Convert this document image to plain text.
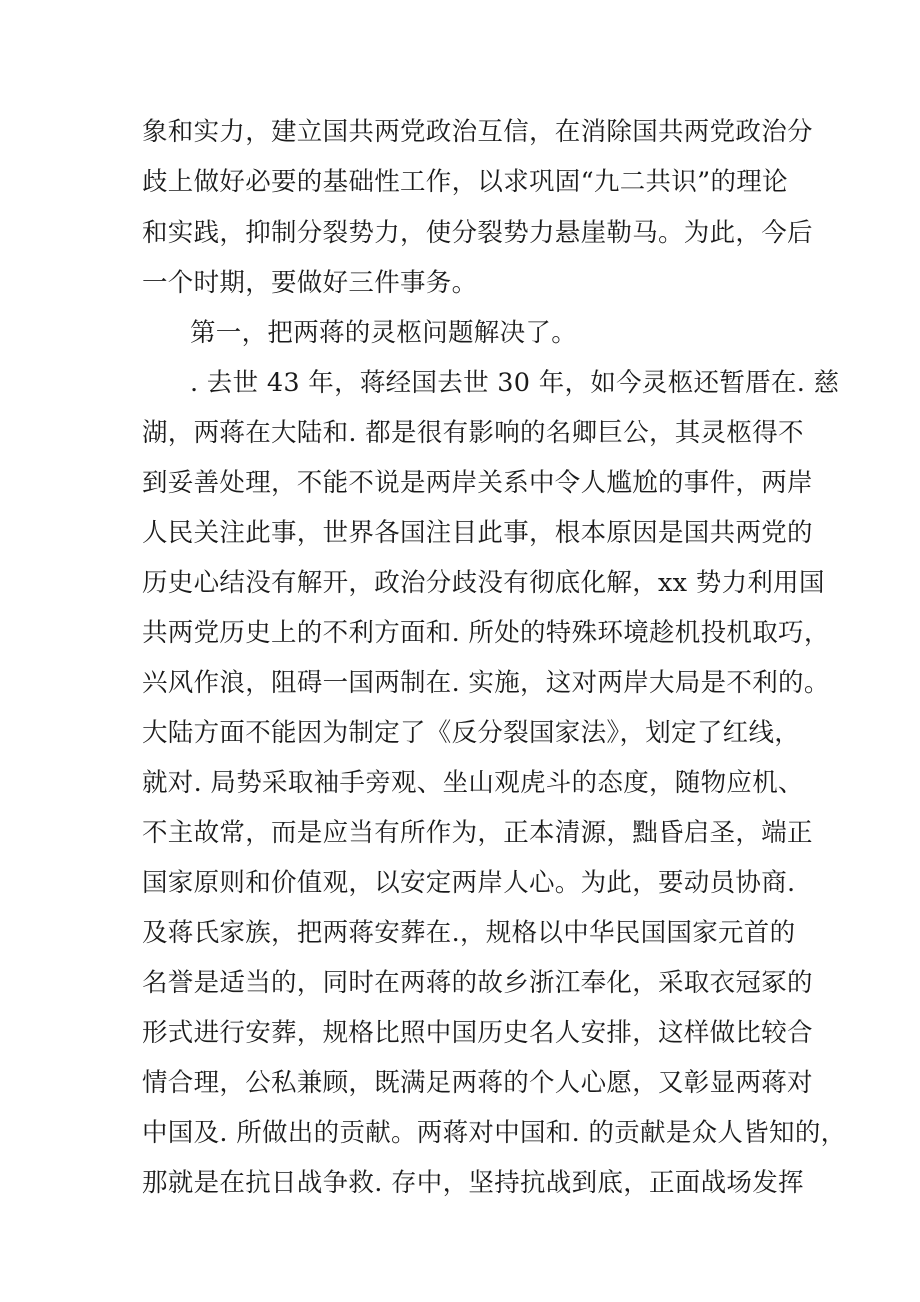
象和实力，建立国共两党政治互信，在消除国共两党政治分
歧上做好必要的基础性工作，以求巩固“九二共识”的理论
和实践，抑制分裂势力，使分裂势力悬崖勒马。为此，今后
一个时期，要做好三件事务。
第一，把两蒋的灵柩问题解决了。
. 去世 43 年，蒋经国去世 30 年，如今灵柩还暂厝在. 慈
湖，两蒋在大陆和. 都是很有影响的名卿巨公，其灵柩得不
到妥善处理，不能不说是两岸关系中令人尴尬的事件，两岸
人民关注此事，世界各国注目此事，根本原因是国共两党的
历史心结没有解开，政治分歧没有彻底化解，xx 势力利用国
共两党历史上的不利方面和. 所处的特殊环境趁机投机取巧，
兴风作浪，阻碍一国两制在. 实施，这对两岸大局是不利的。
大陆方面不能因为制定了《反分裂国家法》，划定了红线，
就对. 局势采取袖手旁观、坐山观虎斗的态度，随物应机、
不主故常，而是应当有所作为，正本清源，黜昏启圣，端正
国家原则和价值观，以安定两岸人心。为此，要动员协商.
及蒋氏家族，把两蒋安葬在.，规格以中华民国国家元首的
名誉是适当的，同时在两蒋的故乡浙江奉化，采取衣冠冢的
形式进行安葬，规格比照中国历史名人安排，这样做比较合
情合理，公私兼顾，既满足两蒋的个人心愿，又彰显两蒋对
中国及. 所做出的贡献。两蒋对中国和. 的贡献是众人皆知的，
那就是在抗日战争救. 存中，坚持抗战到底，正面战场发挥
